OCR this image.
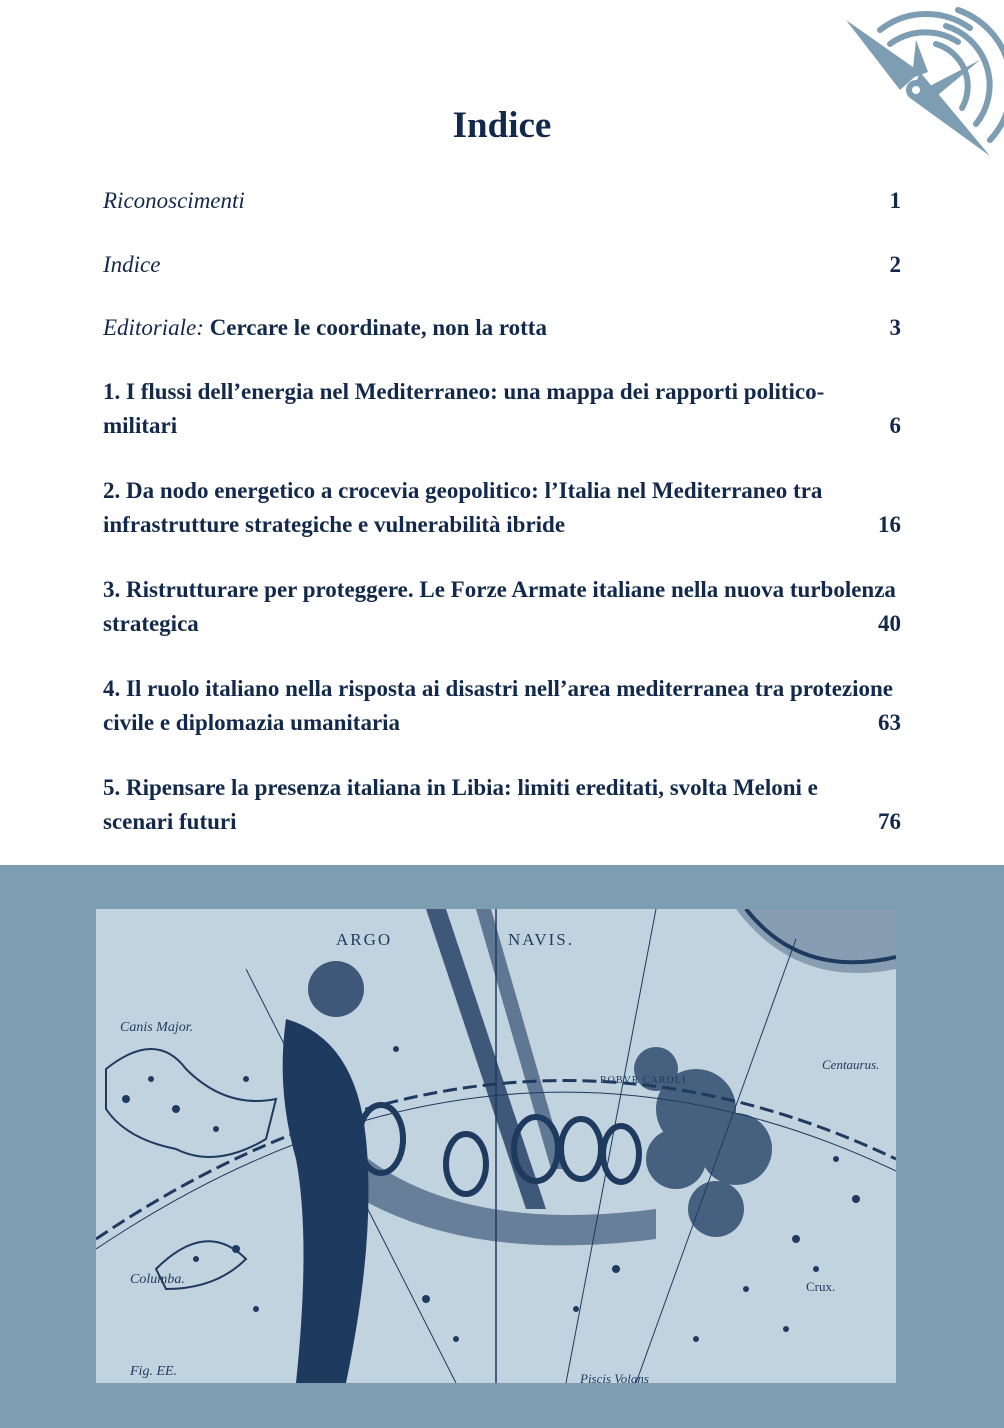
Indice
Riconoscimenti	1
Indice	2
Editoriale: Cercare le coordinate, non la rotta	3
1. I flussi dell’energia nel Mediterraneo: una mappa dei rapporti politico-militari	6
2. Da nodo energetico a crocevia geopolitico: l’Italia nel Mediterraneo tra infrastrutture strategiche e vulnerabilità ibride	16
3. Ristrutturare per proteggere. Le Forze Armate italiane nella nuova turbolenza strategica	40
4. Il ruolo italiano nella risposta ai disastri nell’area mediterranea tra protezione civile e diplomazia umanitaria	63
5. Ripensare la presenza italiana in Libia: limiti ereditati, svolta Meloni e scenari futuri	76
ARGO	NAVIS.
Canis Major.
ROBVR CAROLI
Centaurus.
Columba.	Crux.
Piscis Volans
Fig. EE.
